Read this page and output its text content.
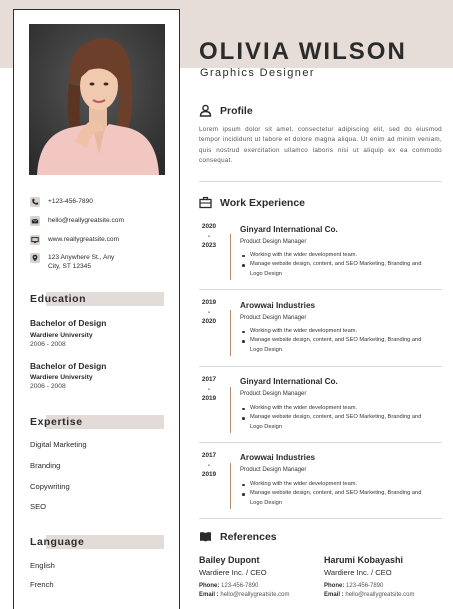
OLIVIA WILSON
Graphics Designer
+123-456-7890
hello@reallygreatsite.com
www.reallygreatsite.com
123 Anywhere St., Any
City, ST 12345
Education
Bachelor of Design
Wardiere University
2006 - 2008
Bachelor of Design
Wardiere University
2006 - 2008
Expertise
Digital Marketing
Branding
Copywriting
SEO
Language
English
French
Profile
Lorem ipsum dolor sit amet, consectetur adipiscing elit, sed do eiusmod tempor incididunt ut labore et dolore magna aliqua. Ut enim ad minim veniam, quis nostrud exercitation ullamco laboris nisi ut aliquip ex ea commodo consequat.
Work Experience
2020
-
2023
Ginyard International Co.
Product Design Manager
Working with the wider development team.
Manage website design, content, and SEO Marketing, Branding and Logo Design
2019
-
2020
Arowwai Industries
Product Design Manager
Working with the wider development team.
Manage website design, content, and SEO Marketing, Branding and Logo Design
2017
-
2019
Ginyard International Co.
Product Design Manager
Working with the wider development team.
Manage website design, content, and SEO Marketing, Branding and Logo Design
2017
-
2019
Arowwai Industries
Product Design Manager
Working with the wider development team.
Manage website design, content, and SEO Marketing, Branding and Logo Design
References
Bailey Dupont
Wardiere Inc. / CEO
Phone: 123-456-7890
Email : hello@reallygreatsite.com
Harumi Kobayashi
Wardiere Inc. / CEO
Phone: 123-456-7890
Email : hello@reallygreatsite.com
